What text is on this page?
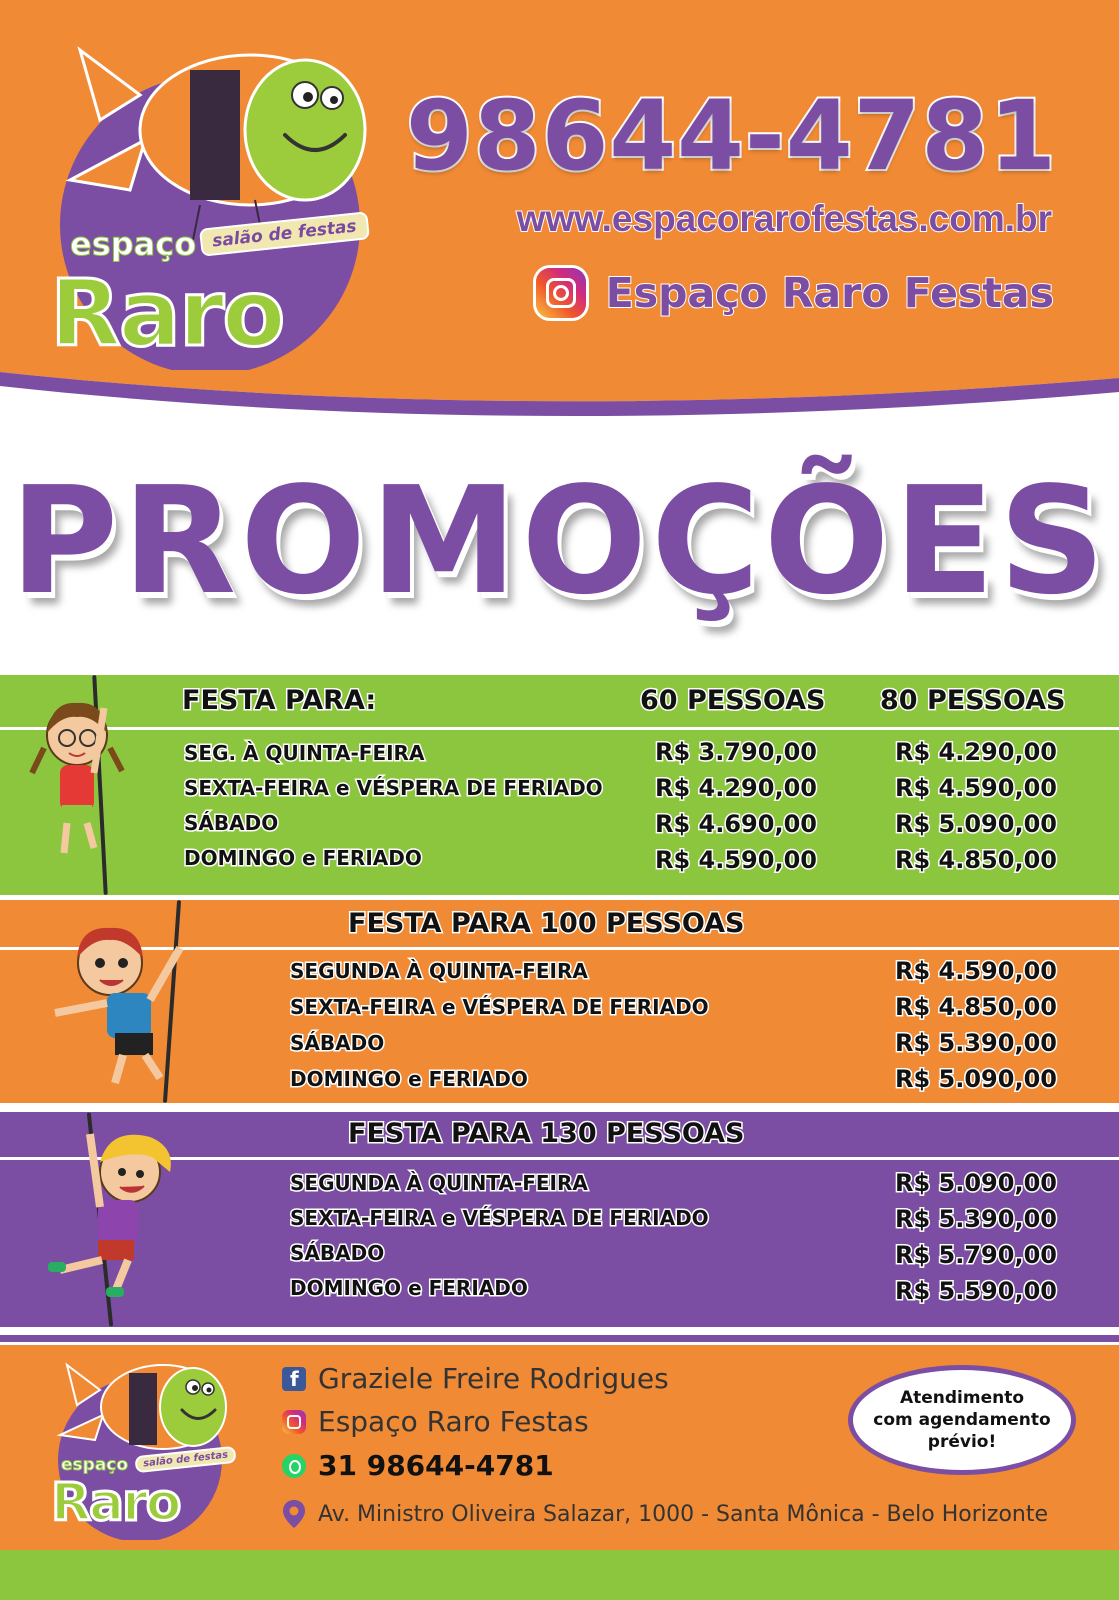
espaço salão de festas
Raro
98644-4781
www.espacorarofestas.com.br
Espaço Raro Festas
PROMOÇÕES
FESTA PARA:	60 PESSOAS 80 PESSOAS
SEG. À QUINTA-FEIRA	R$ 3.790,00	R$ 4.290,00
SEXTA-FEIRA e VÉSPERA DE FERIADO R$ 4.290,00	R$ 4.590,00
SÁBADO	R$ 4.690,00	R$ 5.090,00
DOMINGO e FERIADO	R$ 4.590,00	R$ 4.850,00
FESTA PARA 100 PESSOAS
SEGUNDA À QUINTA-FEIRA	R$ 4.590,00
SEXTA-FEIRA e VÉSPERA DE FERIADO	R$ 4.850,00
SÁBADO	R$ 5.390,00
DOMINGO e FERIADO	R$ 5.090,00
FESTA PARA 130 PESSOAS
SEGUNDA À QUINTA-FEIRA	R$ 5.090,00
SEXTA-FEIRA e VÉSPERA DE FERIADO	R$ 5.390,00
SÁBADO	R$ 5.790,00
DOMINGO e FERIADO	R$ 5.590,00
espaço	salão de festas
Raro
f
Graziele Freire Rodrigues
Espaço Raro Festas
31 98644-4781
Av. Ministro Oliveira Salazar, 1000 - Santa Mônica - Belo Horizonte
Atendimento
com agendamento
prévio!
